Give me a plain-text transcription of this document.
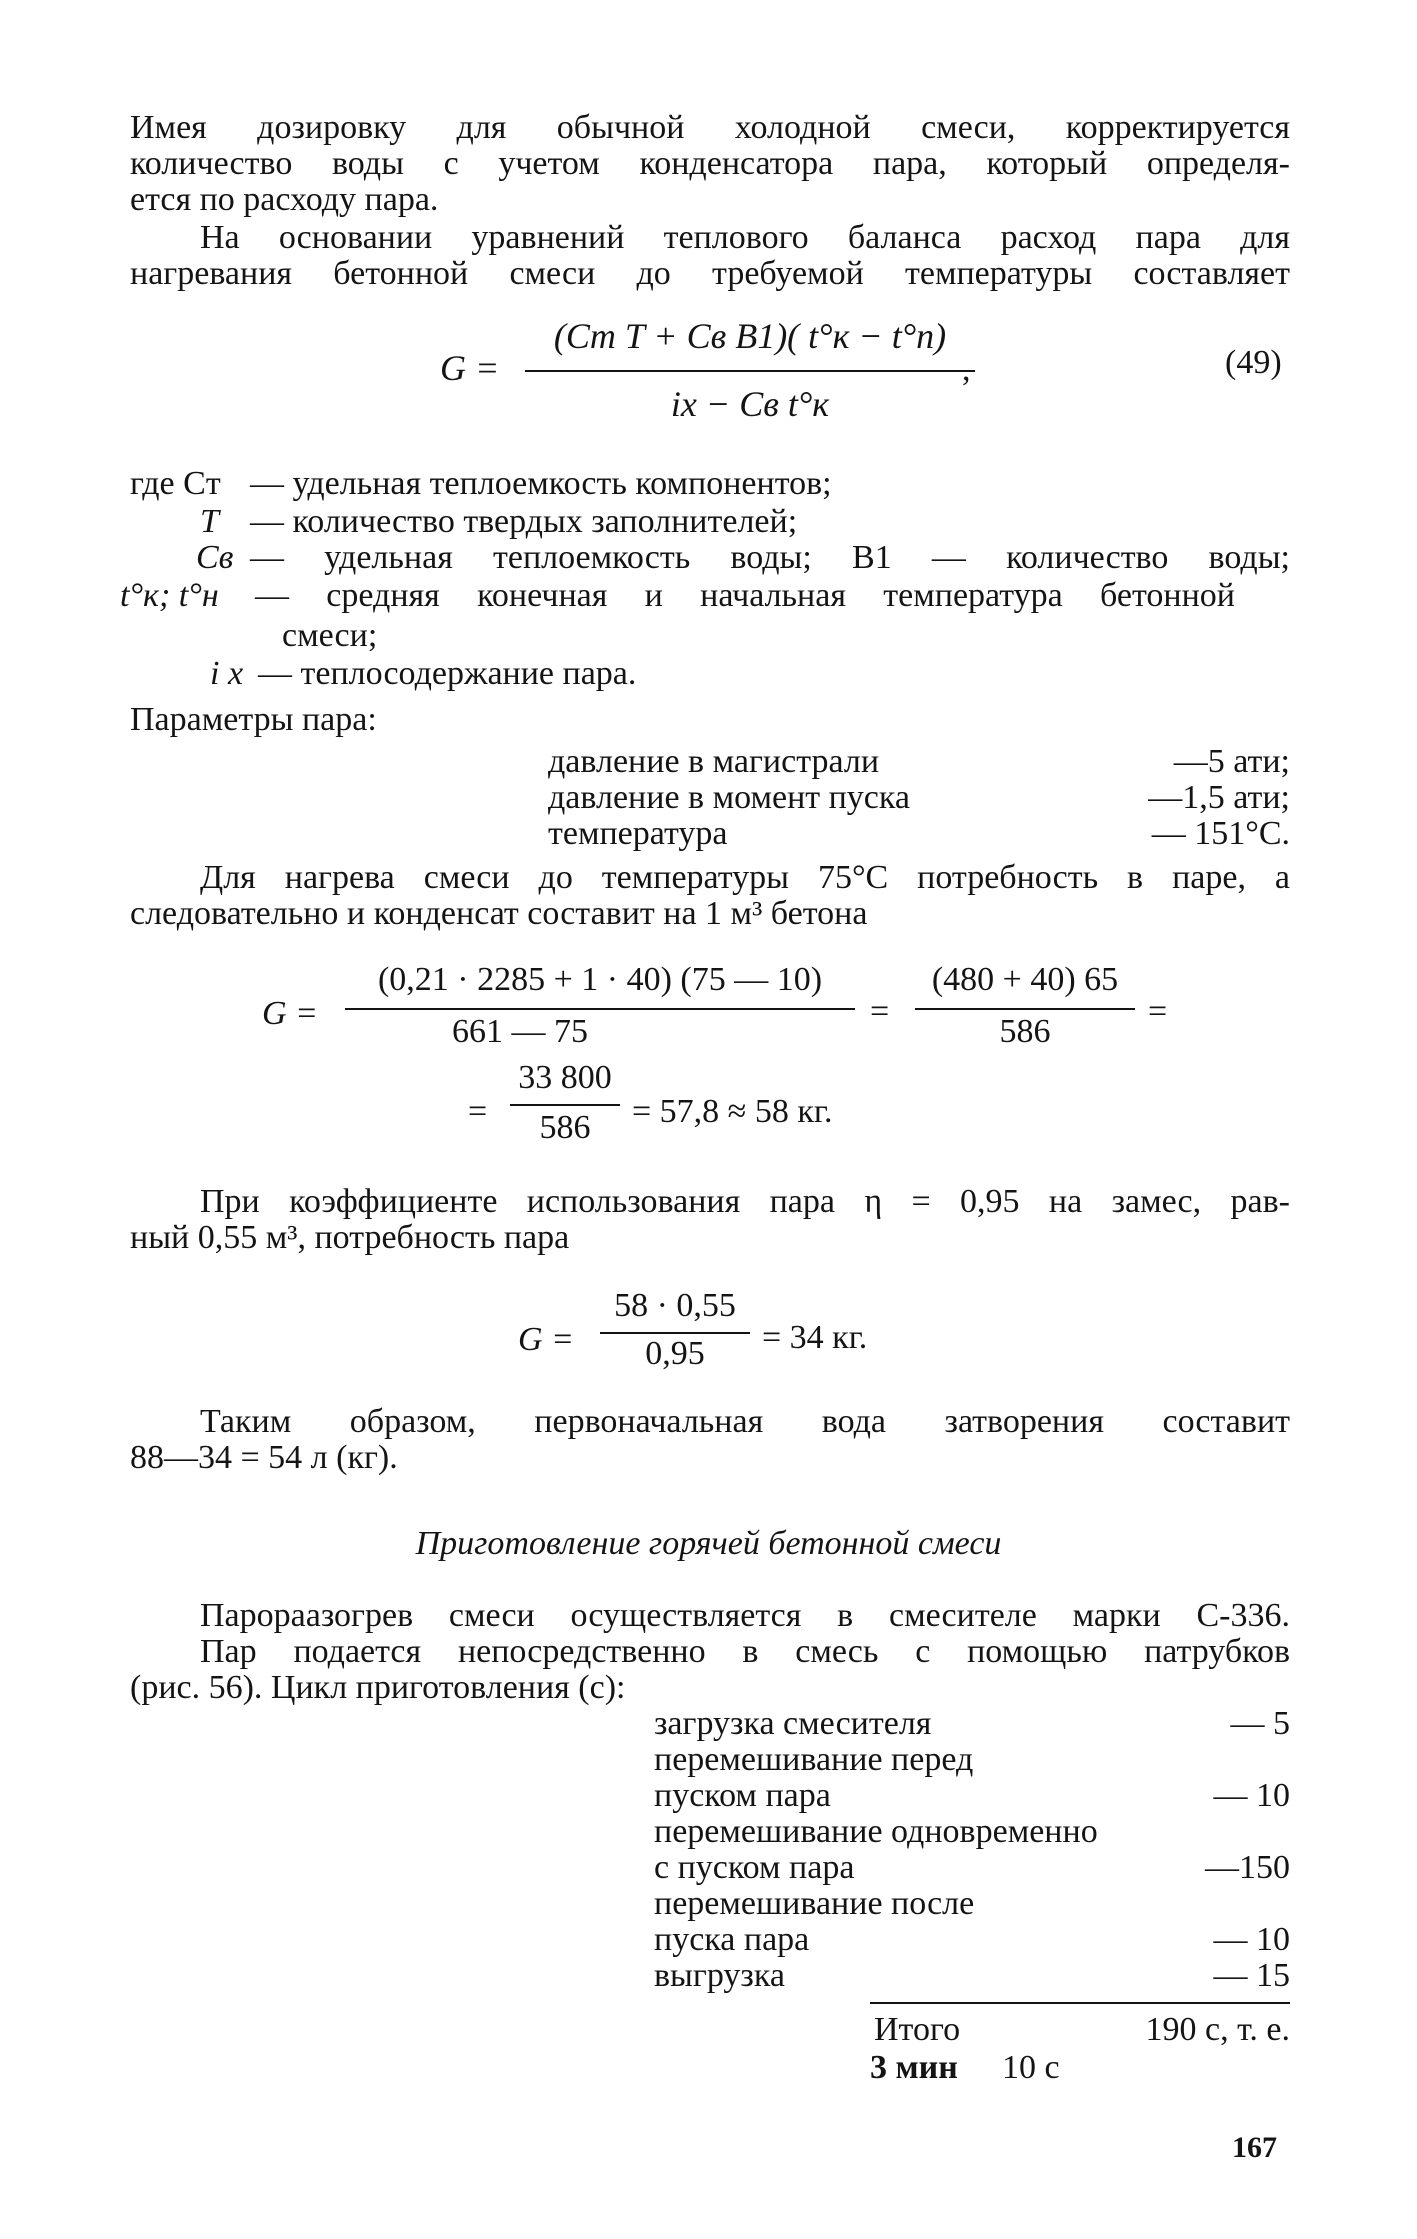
Имея дозировку для обычной холодной смеси, корректируется
количество воды с учетом конденсатора пара, который определя-
ется по расходу пара.
На основании уравнений теплового баланса расход пара для
нагревания бетонной смеси до требуемой температуры составляет
G =
(Cт T + Cв B1)( t°к − t°п)
ix − Cв t°к
,	(49)
где Cт — удельная теплоемкость компонентов;
T — количество твердых заполнителей;
Cв — удельная теплоемкость воды; B1 — количество воды;
t°к; t°н — средняя конечная и начальная температура бетонной
смеси;
i x — теплосодержание пара.
Параметры пара:
давление в магистрали	—5 ати;
давление в момент пуска	—1,5 ати;
температура	— 151°С.
Для нагрева смеси до температуры 75°С потребность в паре, а
следовательно и конденсат составит на 1 м³ бетона
G =
(0,21 · 2285 + 1 · 40) (75 — 10)
661 — 75
=
(480 + 40) 65
586
=
=
33 800
586	= 57,8 ≈ 58 кг.
При коэффициенте использования пара η = 0,95 на замес, рав-
ный 0,55 м³, потребность пара
G =
58 · 0,55
0,95	= 34 кг.
Таким образом, первоначальная вода затворения составит
88—34 = 54 л (кг).
Приготовление горячей бетонной смеси
Парораазогрев смеси осуществляется в смесителе марки С-336.
Пар подается непосредственно в смесь с помощью патрубков
(рис. 56). Цикл приготовления (с):
загрузка смесителя	— 5
перемешивание перед
пуском пара	— 10
перемешивание одновременно
с пуском пара	—150
перемешивание после
пуска пара	— 10
выгрузка	— 15
Итого	190 с, т. е.
3 мин 10 с
167
